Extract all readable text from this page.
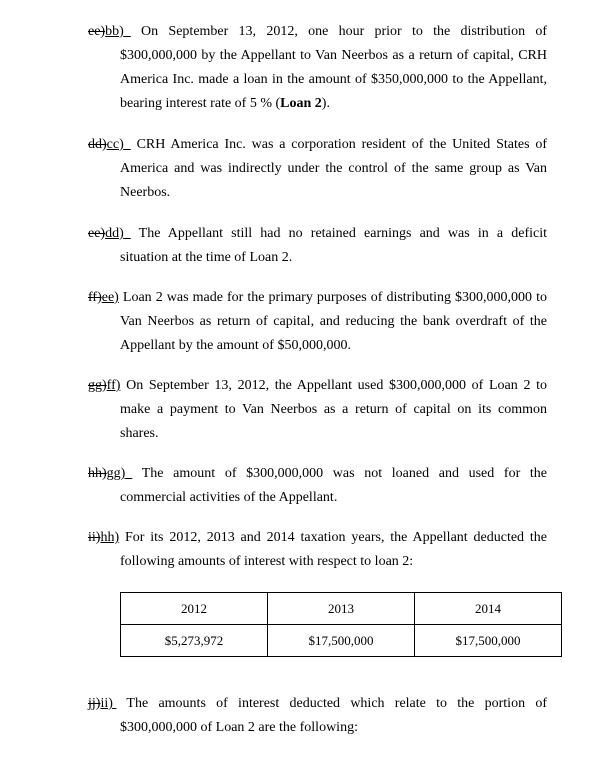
ee)bb) On September 13, 2012, one hour prior to the distribution of
$300,000,000 by the Appellant to Van Neerbos as a return of capital, CRH
America Inc. made a loan in the amount of $350,000,000 to the Appellant,
bearing interest rate of 5 % (Loan 2).
dd)cc) CRH America Inc. was a corporation resident of the United States of
America and was indirectly under the control of the same group as Van
Neerbos.
ee)dd) The Appellant still had no retained earnings and was in a deficit
situation at the time of Loan 2.
ff)ee) Loan 2 was made for the primary purposes of distributing $300,000,000 to
Van Neerbos as return of capital, and reducing the bank overdraft of the
Appellant by the amount of $50,000,000.
gg)ff) On September 13, 2012, the Appellant used $300,000,000 of Loan 2 to
make a payment to Van Neerbos as a return of capital on its common
shares.
hh)gg) The amount of $300,000,000 was not loaned and used for the
commercial activities of the Appellant.
ii)hh) For its 2012, 2013 and 2014 taxation years, the Appellant deducted the
following amounts of interest with respect to loan 2:
2012	2013	2014
$5,273,972	$17,500,000	$17,500,000
jj)ii) The amounts of interest deducted which relate to the portion of
$300,000,000 of Loan 2 are the following:
